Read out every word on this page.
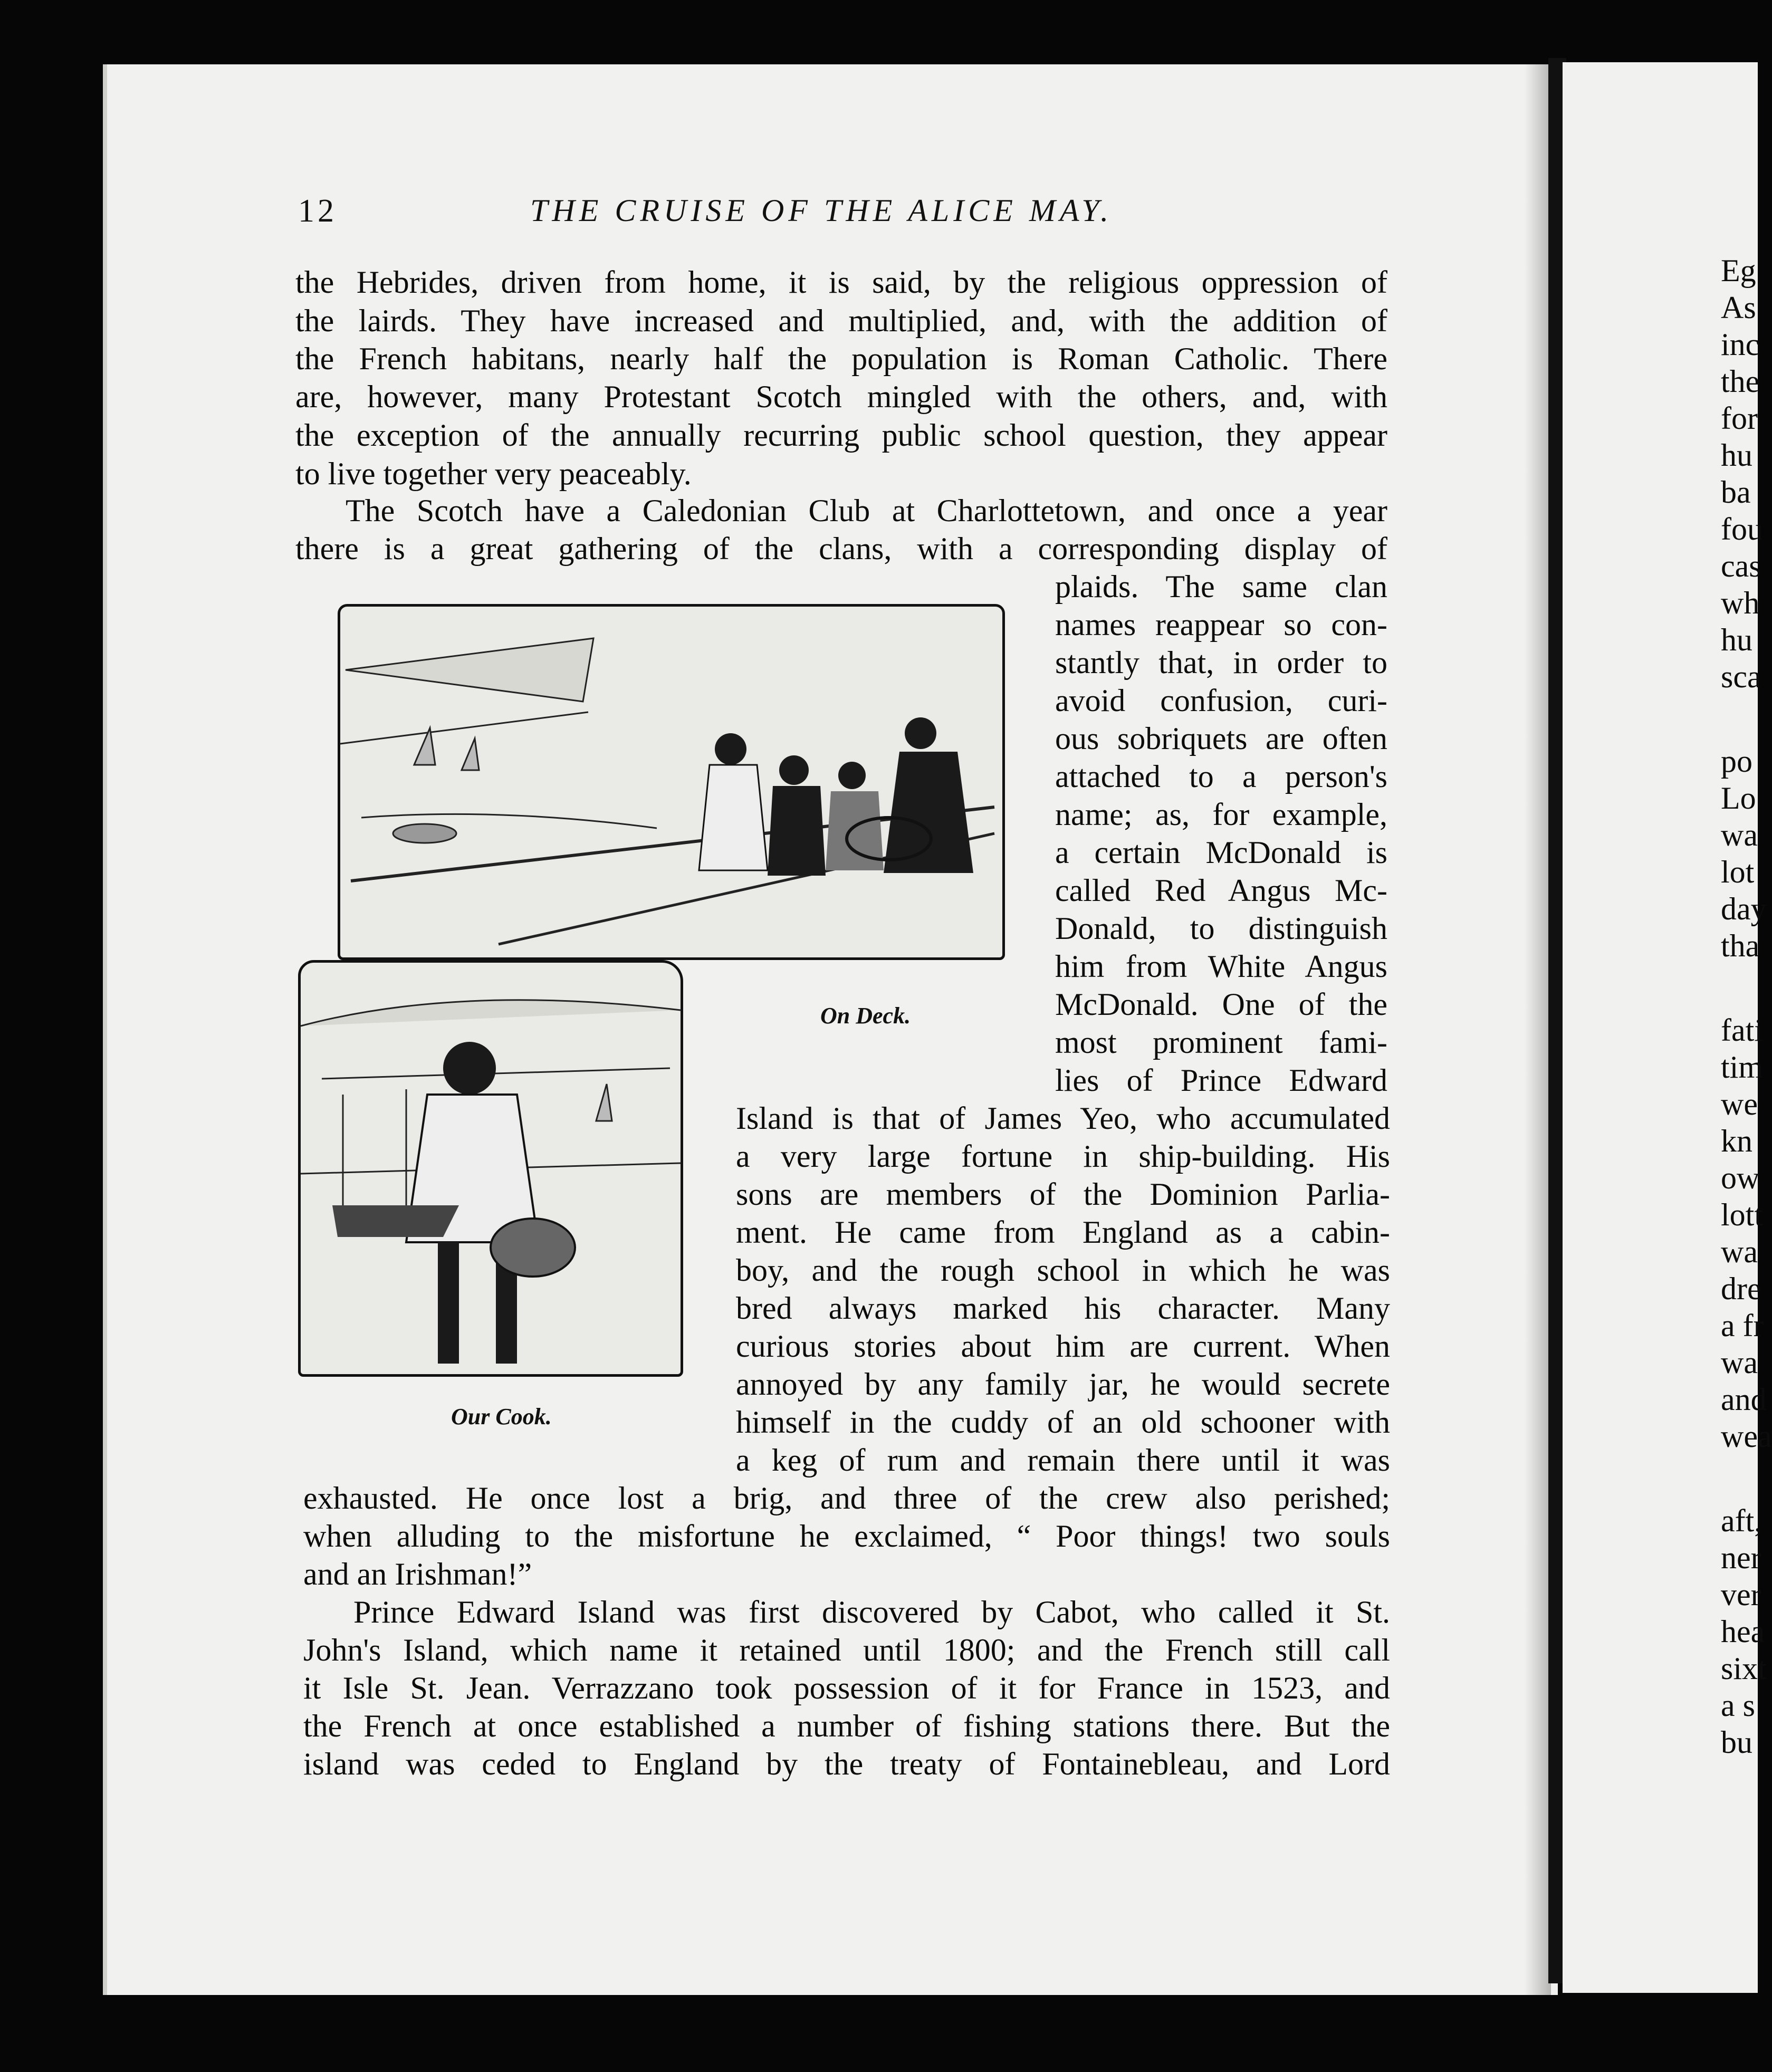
Eg
As
inc
the
for
hu
ba
fou
cas
wh
hu
sca
po
Lo
wa
lot
day
tha
fati
tim
we
kn
ow
lott
wa
dre
a fr
wa
and
wea
aft,
ner
ver
hea
sixt
a s
bu
12	THE CRUISE OF THE ALICE MAY.
the Hebrides, driven from home, it is said, by the religious oppression of
the lairds. They have increased and multiplied, and, with the addition of
the French habitans, nearly half the population is Roman Catholic. There
are, however, many Protestant Scotch mingled with the others, and, with
the exception of the annually recurring public school question, they appear
to live together very peaceably.
The Scotch have a Caledonian Club at Charlottetown, and once a year
there is a great gathering of the clans, with a corresponding display of
plaids. The same clan
names reappear so con-
stantly that, in order to
avoid confusion, curi-
ous sobriquets are often
attached to a person's
name; as, for example,
a certain McDonald is
called Red Angus Mc-
Donald, to distinguish
him from White Angus
McDonald. One of the
most prominent fami-
lies of Prince Edward
Island is that of James Yeo, who accumulated
a very large fortune in ship-building. His
sons are members of the Dominion Parlia-
ment. He came from England as a cabin-
boy, and the rough school in which he was
bred always marked his character. Many
curious stories about him are current. When
annoyed by any family jar, he would secrete
himself in the cuddy of an old schooner with
a keg of rum and remain there until it was
exhausted. He once lost a brig, and three of the crew also perished;
when alluding to the misfortune he exclaimed, “ Poor things! two souls
and an Irishman!”
Prince Edward Island was first discovered by Cabot, who called it St.
John's Island, which name it retained until 1800; and the French still call
it Isle St. Jean. Verrazzano took possession of it for France in 1523, and
the French at once established a number of fishing stations there. But the
island was ceded to England by the treaty of Fontainebleau, and Lord
On Deck.
Our Cook.
